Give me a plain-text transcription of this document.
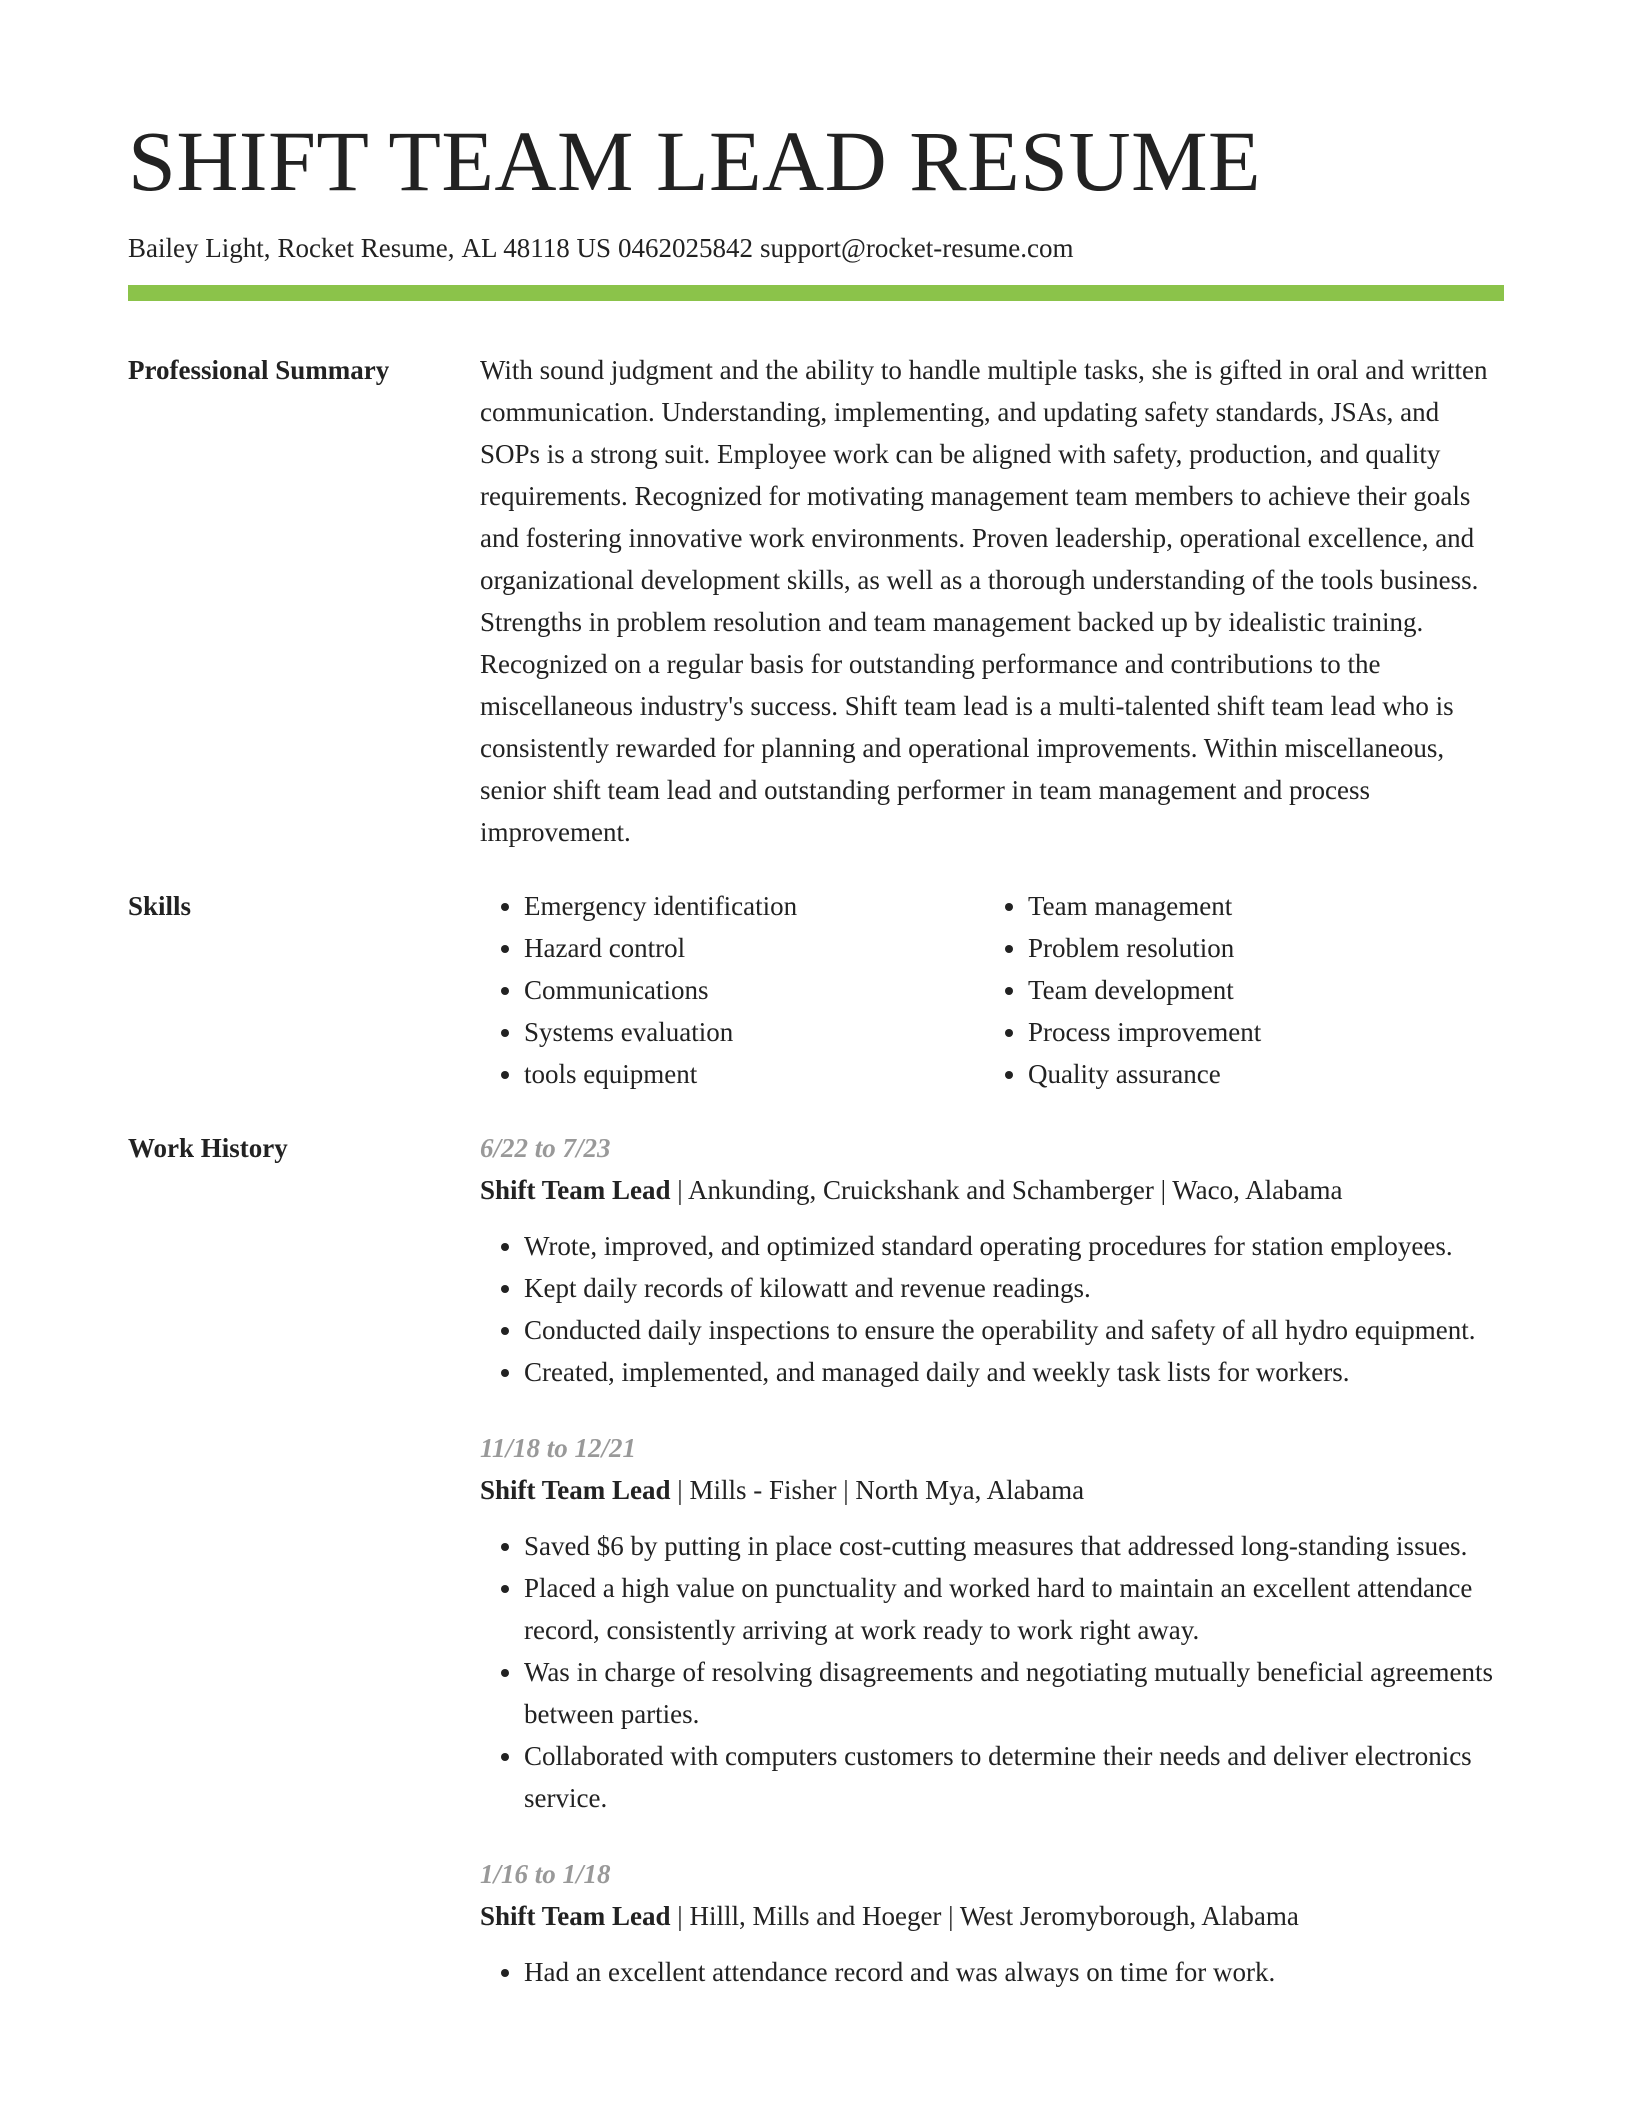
SHIFT TEAM LEAD RESUME
Bailey Light, Rocket Resume, AL 48118 US 0462025842 support@rocket-resume.com
Professional Summary	With sound judgment and the ability to handle multiple tasks, she is gifted in oral and written communication. Understanding, implementing, and updating safety standards, JSAs, and SOPs is a strong suit. Employee work can be aligned with safety, production, and quality requirements. Recognized for motivating management team members to achieve their goals and fostering innovative work environments. Proven leadership, operational excellence, and organizational development skills, as well as a thorough understanding of the tools business. Strengths in problem resolution and team management backed up by idealistic training. Recognized on a regular basis for outstanding performance and contributions to the miscellaneous industry's success. Shift team lead is a multi-talented shift team lead who is consistently rewarded for planning and operational improvements. Within miscellaneous, senior shift team lead and outstanding performer in team management and process improvement.

Skills
•	Emergency identification
• Hazard control
• Communications
• Systems evaluation
• tools equipment
• Team management
• Problem resolution
• Team development
• Process improvement
• Quality assurance
Work History	6/22 to 7/23
Shift Team Lead | Ankunding, Cruickshank and Schamberger | Waco, Alabama
• Wrote, improved, and optimized standard operating procedures for station employees.
• Kept daily records of kilowatt and revenue readings.
• Conducted daily inspections to ensure the operability and safety of all hydro equipment.
• Created, implemented, and managed daily and weekly task lists for workers.
11/18 to 12/21
Shift Team Lead | Mills - Fisher | North Mya, Alabama
• Saved $6 by putting in place cost-cutting measures that addressed long-standing issues.
• Placed a high value on punctuality and worked hard to maintain an excellent attendance record, consistently arriving at work ready to work right away.
• Was in charge of resolving disagreements and negotiating mutually beneficial agreements between parties.
• Collaborated with computers customers to determine their needs and deliver electronics service.
1/16 to 1/18
Shift Team Lead | Hilll, Mills and Hoeger | West Jeromyborough, Alabama
• Had an excellent attendance record and was always on time for work.
